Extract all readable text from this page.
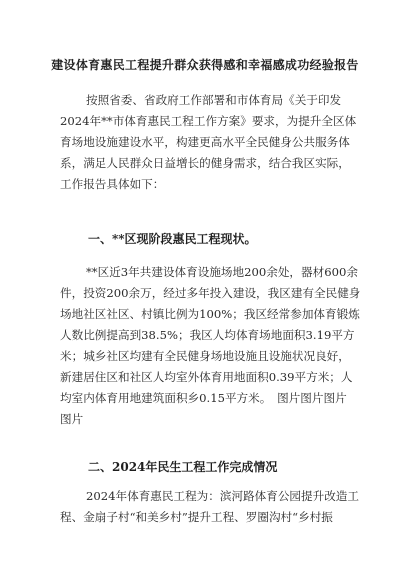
建设体育惠民工程提升群众获得感和幸福感成功经验报告
按照省委、省政府工作部署和市体育局《关于印发
2024年**市体育惠民工程工作方案》要求，为提升全区体
育场地设施建设水平，构建更高水平全民健身公共服务体
系，满足人民群众日益增长的健身需求，结合我区实际，
工作报告具体如下：
一、**区现阶段惠民工程现状。
**区近3年共建设体育设施场地200余处，器材600余
件，投资200余万，经过多年投入建设，我区建有全民健身
场地社区社区、村镇比例为100%；我区经常参加体育锻炼
人数比例提高到38.5%；我区人均体育场地面积3.19平方
米；城乡社区均建有全民健身场地设施且设施状况良好，
新建居住区和社区人均室外体育用地面积0.39平方米；人
均室内体育用地建筑面积乡0.15平方米。　图片图片图片
图片
二、2024年民生工程工作完成情况
2024年体育惠民工程为：滨河路体育公园提升改造工
程、金扇子村“和美乡村”提升工程、罗圈沟村“乡村振
